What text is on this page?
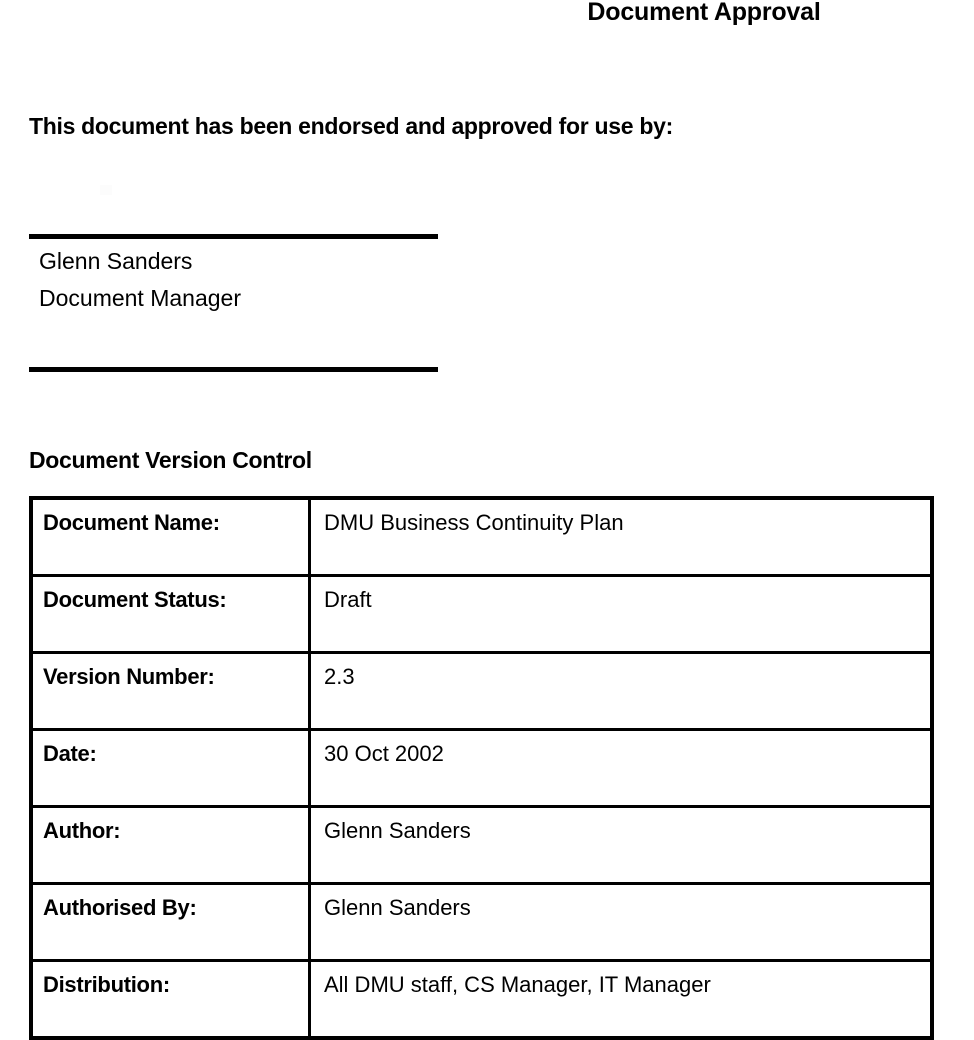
Document Approval
This document has been endorsed and approved for use by:
Glenn Sanders
Document Manager
Document Version Control
Document Name:	DMU Business Continuity Plan
Document Status:	Draft
Version Number:	2.3
Date:	30 Oct 2002
Author:	Glenn Sanders
Authorised By:	Glenn Sanders
Distribution:	All DMU staff, CS Manager, IT Manager
